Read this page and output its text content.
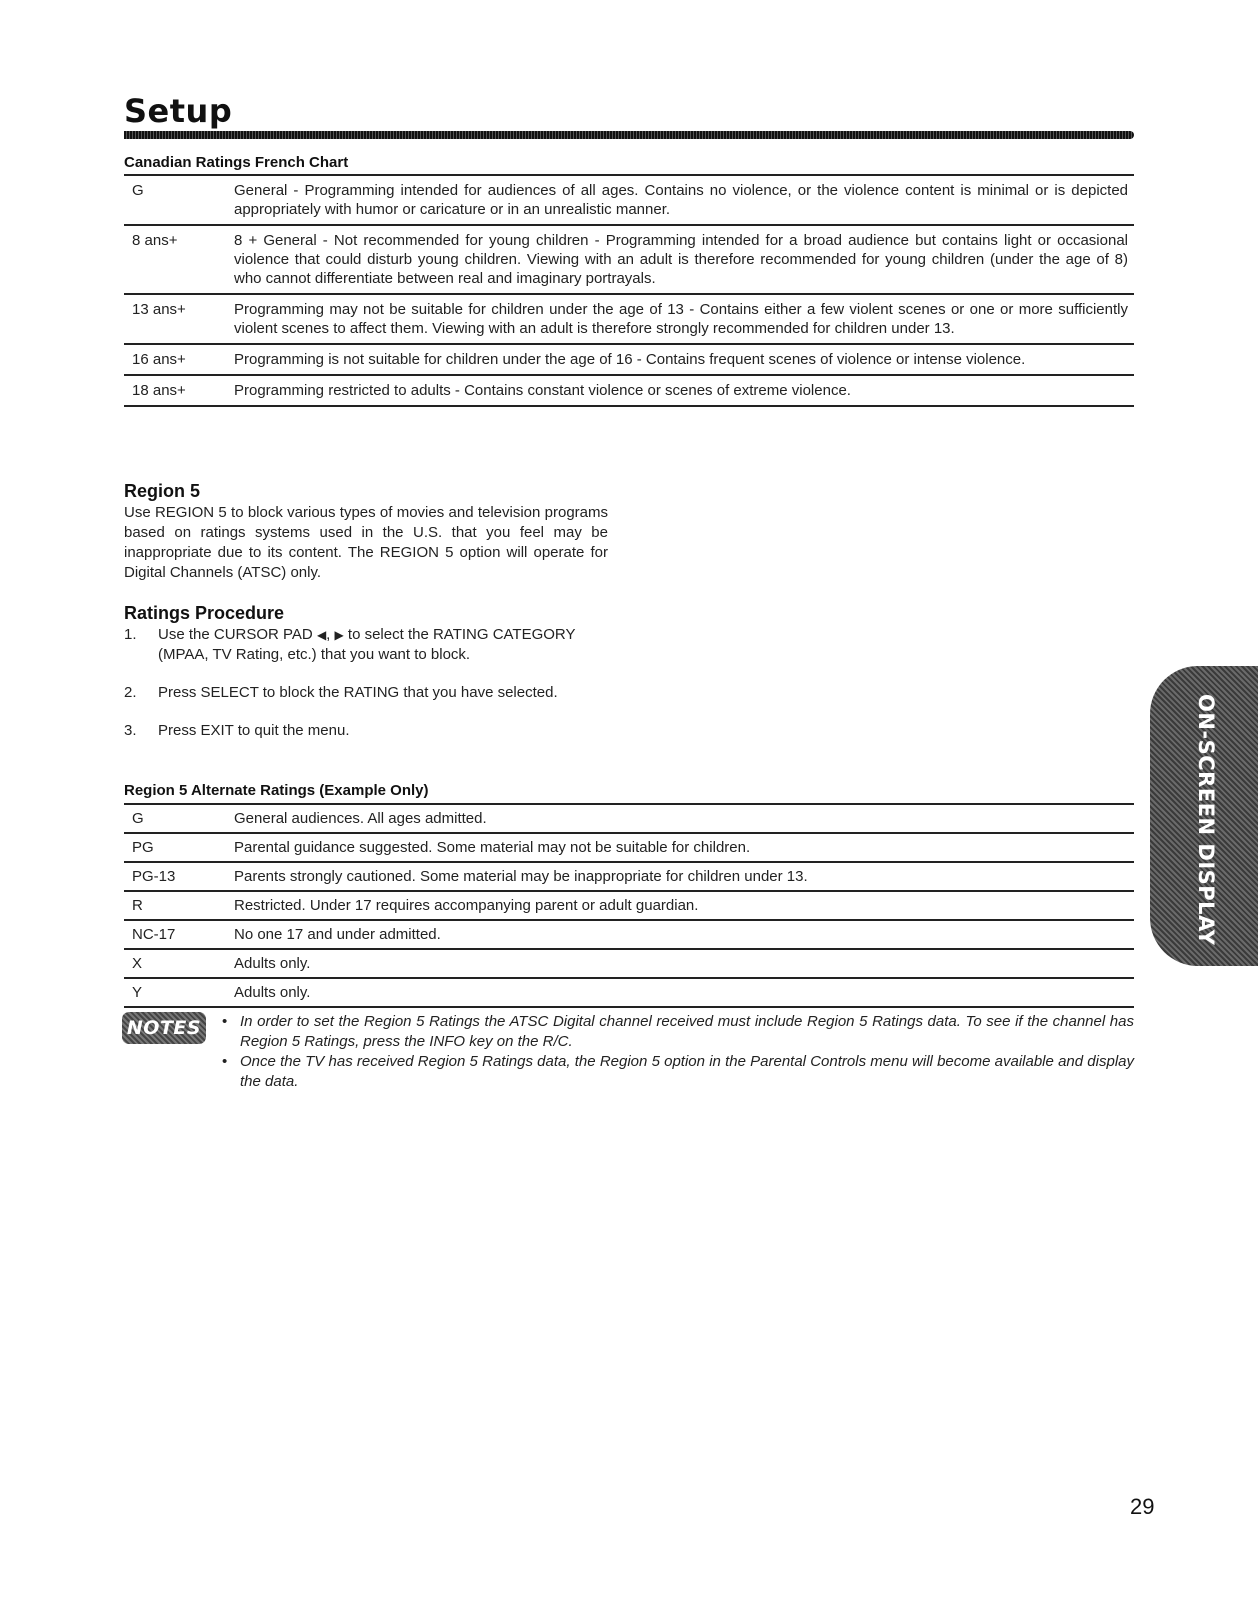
Setup
Canadian Ratings French Chart
G	General - Programming intended for audiences of all ages. Contains no violence, or the violence content is minimal or is depicted appropriately with humor or caricature or in an unrealistic manner.
8 ans+	8 + General - Not recommended for young children - Programming intended for a broad audience but contains light or occasional violence that could disturb young children. Viewing with an adult is therefore recommended for young children (under the age of 8) who cannot differentiate between real and imaginary portrayals.
13 ans+	Programming may not be suitable for children under the age of 13 - Contains either a few violent scenes or one or more sufficiently violent scenes to affect them. Viewing with an adult is therefore strongly recommended for children under 13.
16 ans+	Programming is not suitable for children under the age of 16 - Contains frequent scenes of violence or intense violence.
18 ans+	Programming restricted to adults - Contains constant violence or scenes of extreme violence.
Region 5

Use REGION 5 to block various types of movies and television programs based on ratings systems used in the U.S. that you feel may be inappropriate due to its content. The REGION 5 option will operate for Digital Channels (ATSC) only.

Ratings Procedure
1. Use the CURSOR PAD ◀, ▶ to select the RATING CATEGORY (MPAA, TV Rating, etc.) that you want to block.
2. Press SELECT to block the RATING that you have selected.
3. Press EXIT to quit the menu.
Region 5 Alternate Ratings (Example Only)
G	General audiences. All ages admitted.
PG	Parental guidance suggested. Some material may not be suitable for children.
PG-13	Parents strongly cautioned. Some material may be inappropriate for children under 13.
R	Restricted. Under 17 requires accompanying parent or adult guardian.
NC-17	No one 17 and under admitted.
X	Adults only.
Y	Adults only.
NOTES	• In order to set the Region 5 Ratings the ATSC Digital channel received must include Region 5 Ratings data. To see if the channel has Region 5 Ratings, press the INFO key on the R/C.
• Once the TV has received Region 5 Ratings data, the Region 5 option in the Parental Controls menu will become available and display the data.
ON-SCREEN DISPLAY
29
